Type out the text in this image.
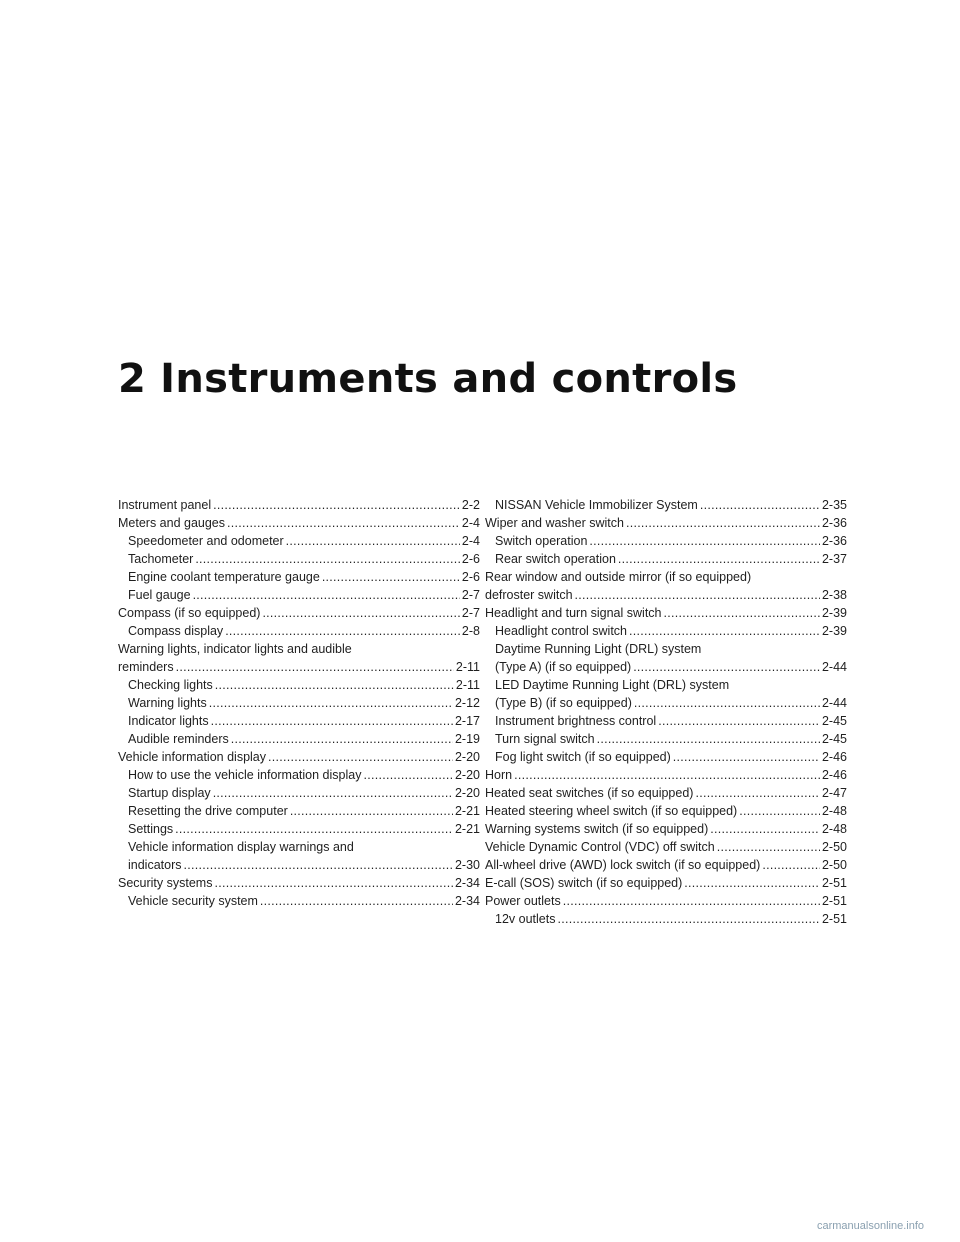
2 Instruments and controls
Instrument panel . . .	2-2
Meters and gauges . . .	2-4
Speedometer and odometer . . .	2-4
Tachometer . . .	2-6
Engine coolant temperature gauge . . .	2-6
Fuel gauge . . .	2-7
Compass (if so equipped) . . .	2-7
Compass display . . .	2-8
Warning lights, indicator lights and audible
reminders . . .	2-11
Checking lights . . .	2-11
Warning lights . . .	2-12
Indicator lights . . .	2-17
Audible reminders . . .	2-19
Vehicle information display . . .	2-20
How to use the vehicle information display . . .	2-20
Startup display . . .	2-20
Resetting the drive computer . . .	2-21
Settings . . .	2-21
Vehicle information display warnings and
indicators . . .	2-30
Security systems . . .	2-34
Vehicle security system . . .	2-34
NISSAN Vehicle Immobilizer System . . .	2-35
Wiper and washer switch . . .	2-36
Switch operation . . .	2-36
Rear switch operation . . .	2-37
Rear window and outside mirror (if so equipped)
defroster switch . . .	2-38
Headlight and turn signal switch . . .	2-39
Headlight control switch . . .	2-39
Daytime Running Light (DRL) system
(Type A) (if so equipped) . . .	2-44
LED Daytime Running Light (DRL) system
(Type B) (if so equipped) . . .	2-44
Instrument brightness control . . .	2-45
Turn signal switch . . .	2-45
Fog light switch (if so equipped) . . .	2-46
Horn . . .	2-46
Heated seat switches (if so equipped) . . .	2-47
Heated steering wheel switch (if so equipped) . . .	2-48
Warning systems switch (if so equipped) . . .	2-48
Vehicle Dynamic Control (VDC) off switch . . .	2-50
All-wheel drive (AWD) lock switch (if so equipped) . . .	2-50
E-call (SOS) switch (if so equipped) . . .	2-51
Power outlets . . .	2-51
12v outlets . . .	2-51
carmanualsonline.info
